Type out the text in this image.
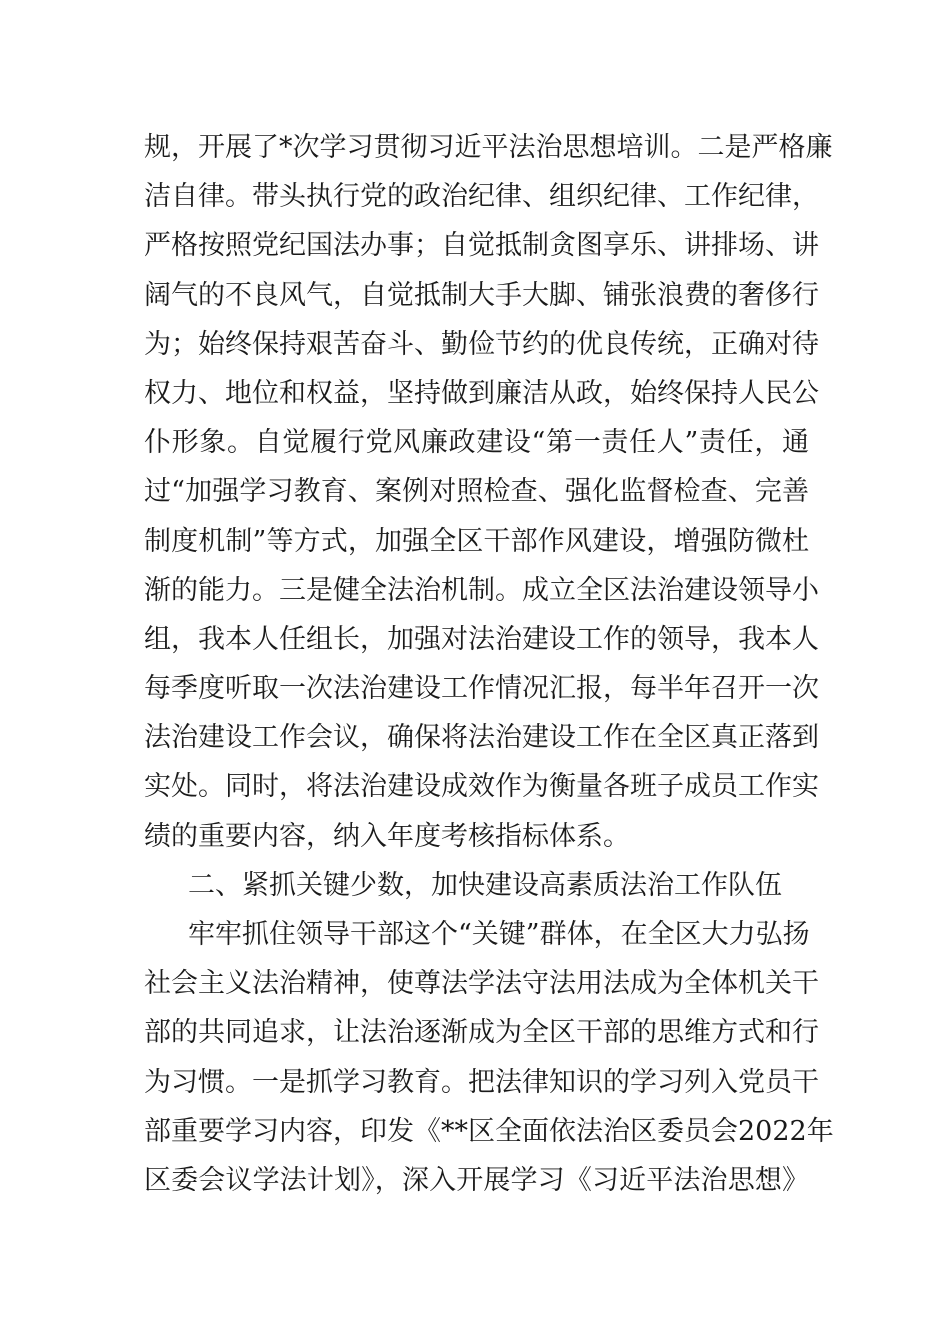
规，开展了*次学习贯彻习近平法治思想培训。二是严格廉
洁自律。带头执行党的政治纪律、组织纪律、工作纪律，
严格按照党纪国法办事；自觉抵制贪图享乐、讲排场、讲
阔气的不良风气，自觉抵制大手大脚、铺张浪费的奢侈行
为；始终保持艰苦奋斗、勤俭节约的优良传统，正确对待
权力、地位和权益，坚持做到廉洁从政，始终保持人民公
仆形象。自觉履行党风廉政建设“第一责任人”责任，通
过“加强学习教育、案例对照检查、强化监督检查、完善
制度机制”等方式，加强全区干部作风建设，增强防微杜
渐的能力。三是健全法治机制。成立全区法治建设领导小
组，我本人任组长，加强对法治建设工作的领导，我本人
每季度听取一次法治建设工作情况汇报，每半年召开一次
法治建设工作会议，确保将法治建设工作在全区真正落到
实处。同时，将法治建设成效作为衡量各班子成员工作实
绩的重要内容，纳入年度考核指标体系。
二、紧抓关键少数，加快建设高素质法治工作队伍
牢牢抓住领导干部这个“关键”群体，在全区大力弘扬
社会主义法治精神，使尊法学法守法用法成为全体机关干
部的共同追求，让法治逐渐成为全区干部的思维方式和行
为习惯。一是抓学习教育。把法律知识的学习列入党员干
部重要学习内容，印发《**区全面依法治区委员会2022年
区委会议学法计划》，深入开展学习《习近平法治思想》
